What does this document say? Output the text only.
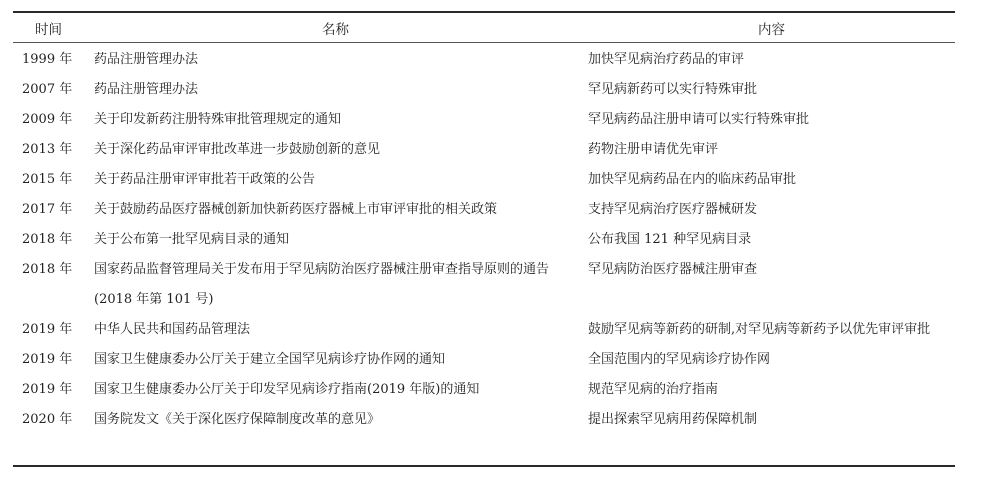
时间	名称	内容
1999 年	药品注册管理办法	加快罕见病治疗药品的审评
2007 年	药品注册管理办法	罕见病新药可以实行特殊审批
2009 年	关于印发新药注册特殊审批管理规定的通知	罕见病药品注册申请可以实行特殊审批
2013 年	关于深化药品审评审批改革进一步鼓励创新的意见	药物注册申请优先审评
2015 年	关于药品注册审评审批若干政策的公告	加快罕见病药品在内的临床药品审批
2017 年	关于鼓励药品医疗器械创新加快新药医疗器械上市审评审批的相关政策	支持罕见病治疗医疗器械研发
2018 年	关于公布第一批罕见病目录的通知	公布我国 121 种罕见病目录
2018 年	国家药品监督管理局关于发布用于罕见病防治医疗器械注册审查指导原则的通告(2018 年第 101 号)	罕见病防治医疗器械注册审查
2019 年	中华人民共和国药品管理法	鼓励罕见病等新药的研制,对罕见病等新药予以优先审评审批
2019 年	国家卫生健康委办公厅关于建立全国罕见病诊疗协作网的通知	全国范围内的罕见病诊疗协作网
2019 年	国家卫生健康委办公厅关于印发罕见病诊疗指南(2019 年版)的通知	规范罕见病的治疗指南
2020 年	国务院发文《关于深化医疗保障制度改革的意见》	提出探索罕见病用药保障机制
